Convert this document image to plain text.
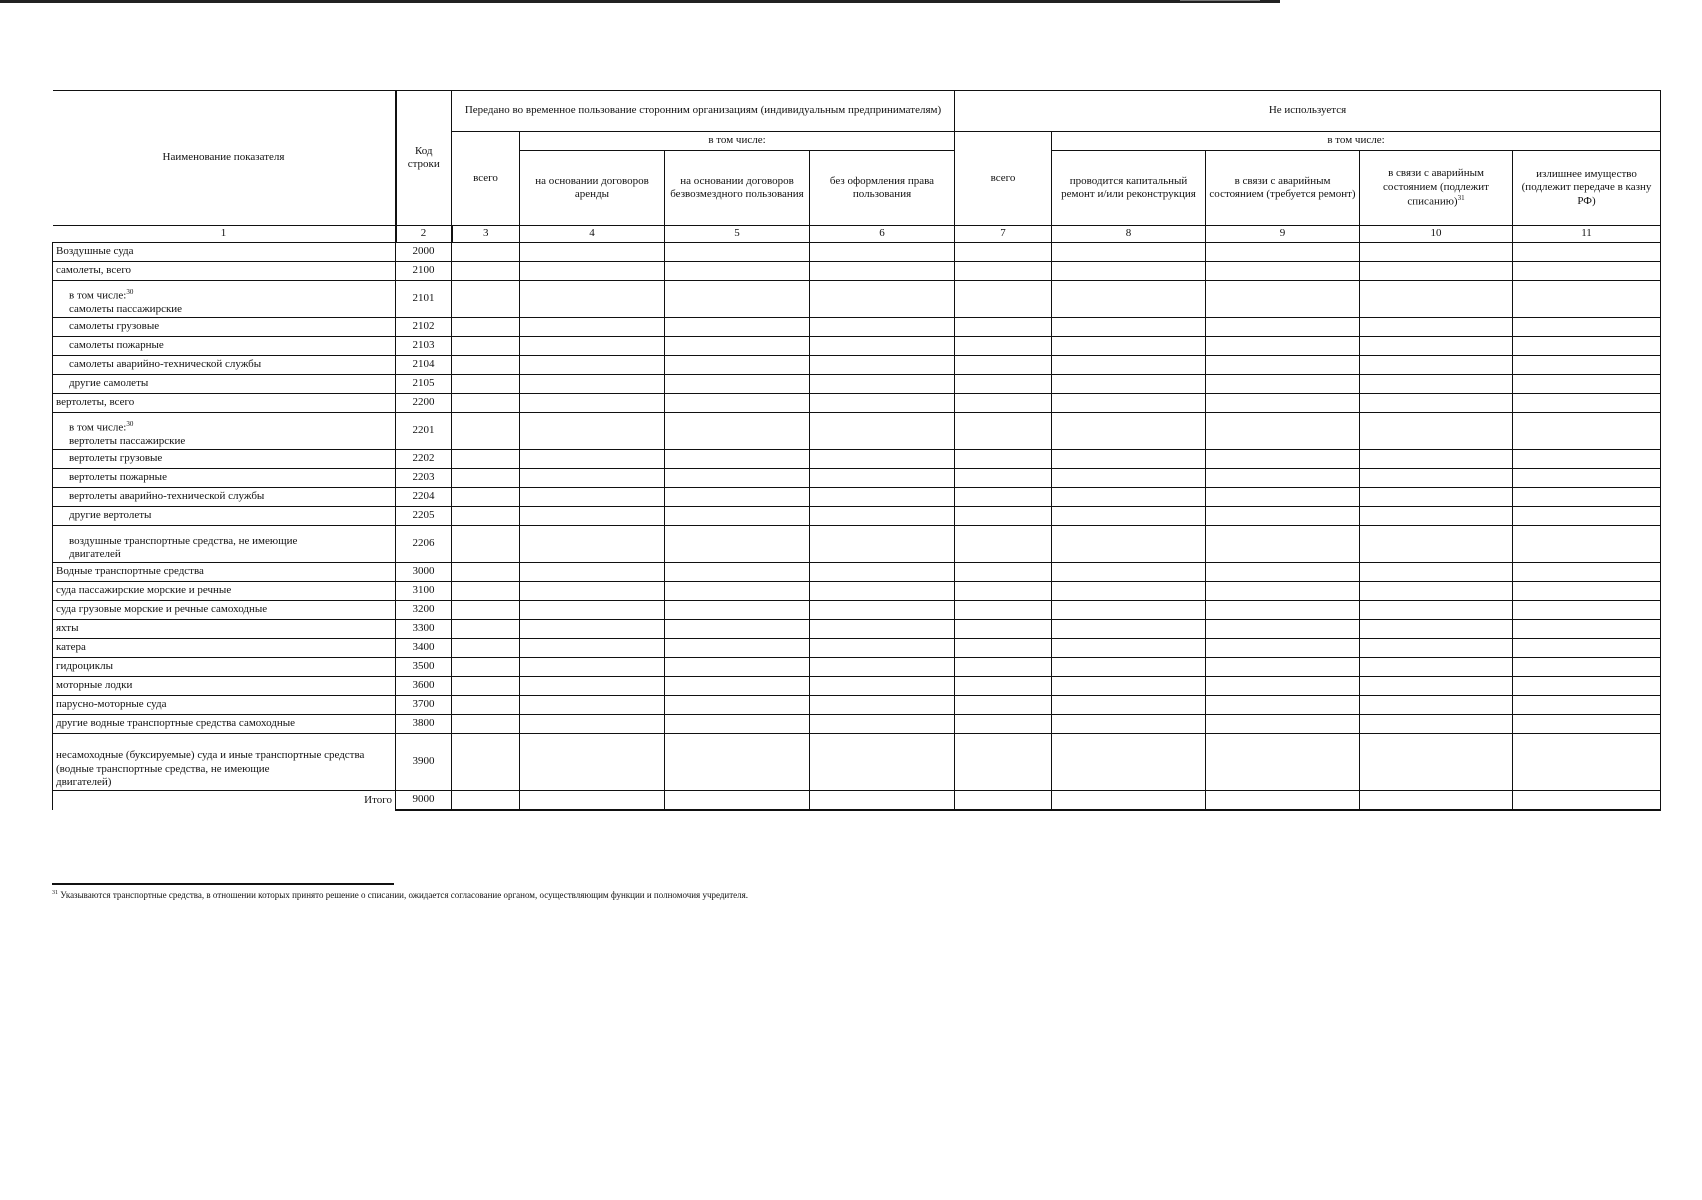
Наименование показателя	Код строки	Передано во временное пользование сторонним организациям (индивидуальным предпринимателям)				Не используется				
		всего	в том числе:			всего	в том числе:			
			на основании договоров аренды	на основании договоров безвозмездного пользования	без оформления права пользования		проводится капитальный ремонт и/или реконструкция	в связи с аварийным состоянием (требуется ремонт)	в связи с аварийным состоянием (подлежит списанию)$^{31}$	излишнее имущество (подлежит передаче в казну РФ)
1	2	3	4	5	6	7	8	9	10	11

Воздушные суда	2000									

самолеты, всего	2100									

в том числе:$^{30}$
самолеты пассажирские	2101									

самолеты грузовые	2102									

самолеты пожарные	2103									

самолеты аварийно-технической службы	2104									

другие самолеты	2105									

вертолеты, всего	2200									

в том числе:$^{30}$
вертолеты пассажирские	2201									

вертолеты грузовые	2202									

вертолеты пожарные	2203									

вертолеты аварийно-технической службы	2204									

другие вертолеты	2205									

воздушные транспортные средства, не имеющие
двигателей	2206									

Водные транспортные средства	3000									

суда пассажирские морские и речные	3100									

суда грузовые морские и речные самоходные	3200									

яхты	3300									

катера	3400									

гидроциклы	3500									

моторные лодки	3600									

парусно-моторные суда	3700									

другие водные транспортные средства самоходные	3800									

несамоходные (буксируемые) суда и иные транспортные средства (водные транспортные средства, не имеющие
двигателей)	3900									
Итого	9000									
$^{31}$ Указываются транспортные средства, в отношении которых принято решение о списании, ожидается согласование органом, осуществляющим функции и полномочия учредителя.
